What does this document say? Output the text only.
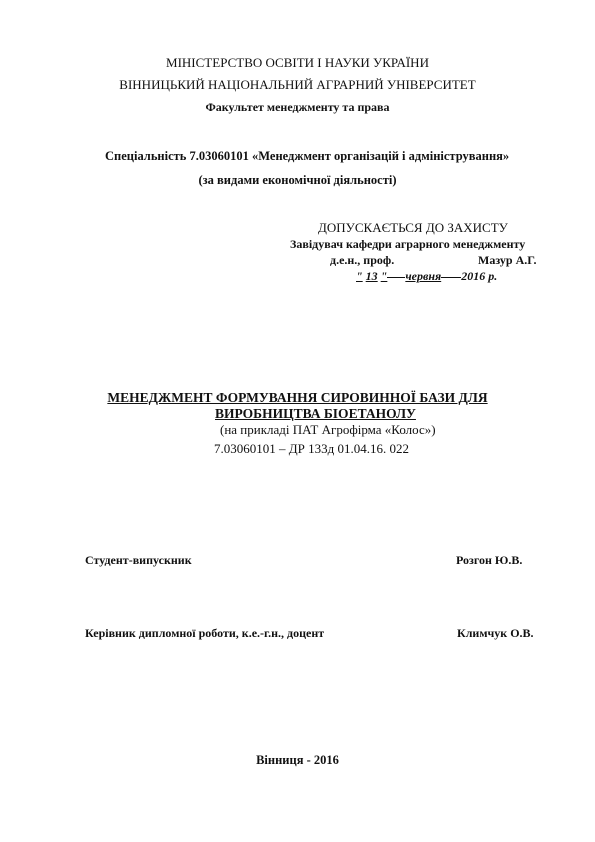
МІНІСТЕРСТВО ОСВІТИ І НАУКИ УКРАЇНИ
ВІННИЦЬКИЙ НАЦІОНАЛЬНИЙ АГРАРНИЙ УНІВЕРСИТЕТ
Факультет менеджменту та права
Спеціальність 7.03060101 «Менеджмент організацій і адміністрування»
(за видами економічної діяльності)
ДОПУСКАЄТЬСЯ ДО ЗАХИСТУ
Завідувач кафедри аграрного менеджменту
д.е.н., проф.	Мазур А.Г.
" 13 " червня 2016 р.
МЕНЕДЖМЕНТ ФОРМУВАННЯ СИРОВИННОЇ БАЗИ ДЛЯ
ВИРОБНИЦТВА БІОЕТАНОЛУ
(на прикладі ПАТ Агрофірма «Колос»)
7.03060101 – ДР 133д 01.04.16. 022
Студент-випускник	Розгон Ю.В.
Керівник дипломної роботи, к.е.-г.н., доцент	Климчук О.В.
Вінниця - 2016
